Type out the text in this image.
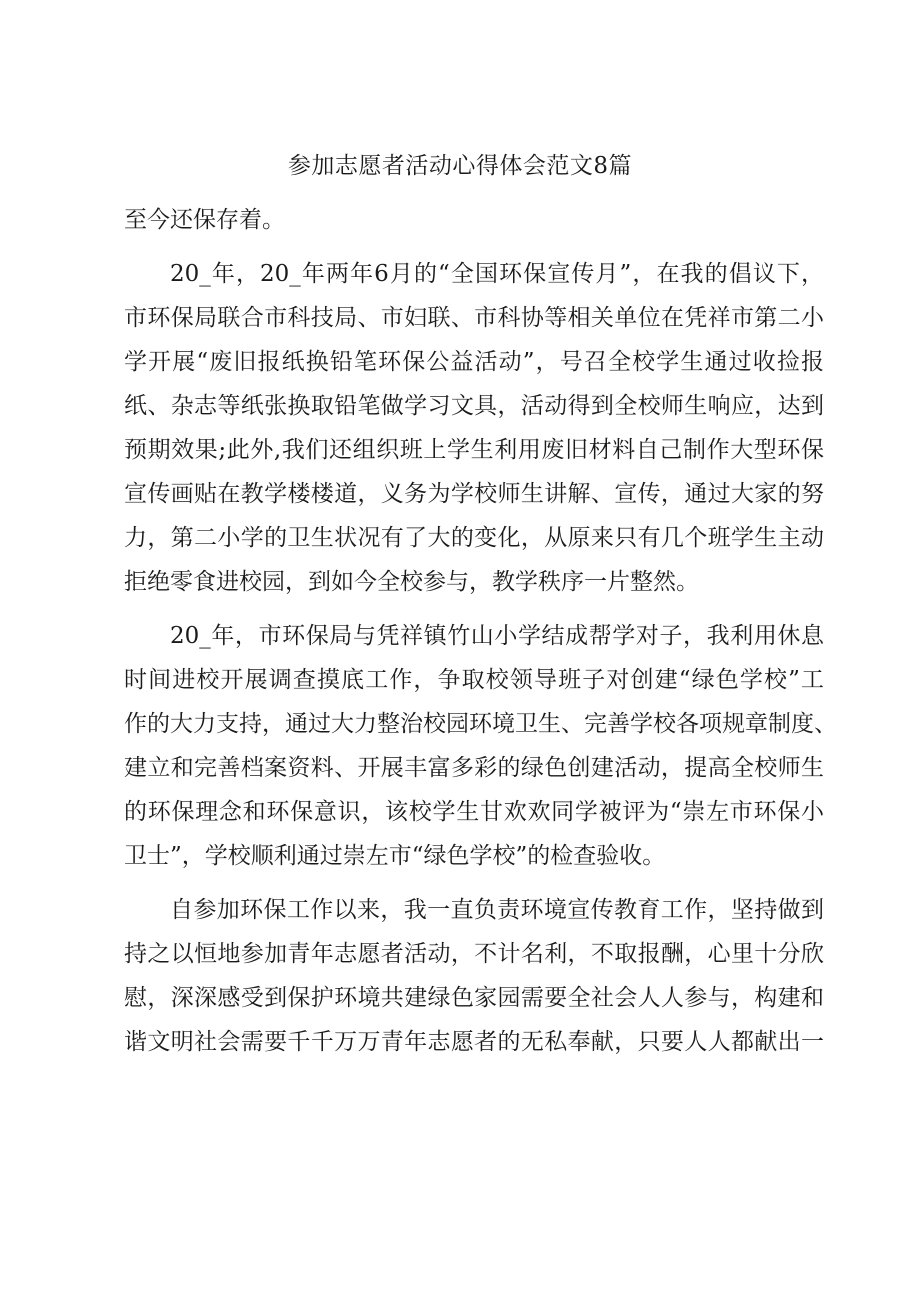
参加志愿者活动心得体会范文8篇
至今还保存着。
20_年，20_年两年6月的“全国环保宣传月”，在我的倡议下，
市环保局联合市科技局、市妇联、市科协等相关单位在凭祥市第二小
学开展“废旧报纸换铅笔环保公益活动”，号召全校学生通过收捡报
纸、杂志等纸张换取铅笔做学习文具，活动得到全校师生响应，达到
预期效果;此外,我们还组织班上学生利用废旧材料自己制作大型环保
宣传画贴在教学楼楼道，义务为学校师生讲解、宣传，通过大家的努
力，第二小学的卫生状况有了大的变化，从原来只有几个班学生主动
拒绝零食进校园，到如今全校参与，教学秩序一片整然。
20_年，市环保局与凭祥镇竹山小学结成帮学对子，我利用休息
时间进校开展调查摸底工作，争取校领导班子对创建“绿色学校”工
作的大力支持，通过大力整治校园环境卫生、完善学校各项规章制度、
建立和完善档案资料、开展丰富多彩的绿色创建活动，提高全校师生
的环保理念和环保意识，该校学生甘欢欢同学被评为“崇左市环保小
卫士”，学校顺利通过崇左市“绿色学校”的检查验收。
自参加环保工作以来，我一直负责环境宣传教育工作，坚持做到
持之以恒地参加青年志愿者活动，不计名利，不取报酬，心里十分欣
慰，深深感受到保护环境共建绿色家园需要全社会人人参与，构建和
谐文明社会需要千千万万青年志愿者的无私奉献，只要人人都献出一
